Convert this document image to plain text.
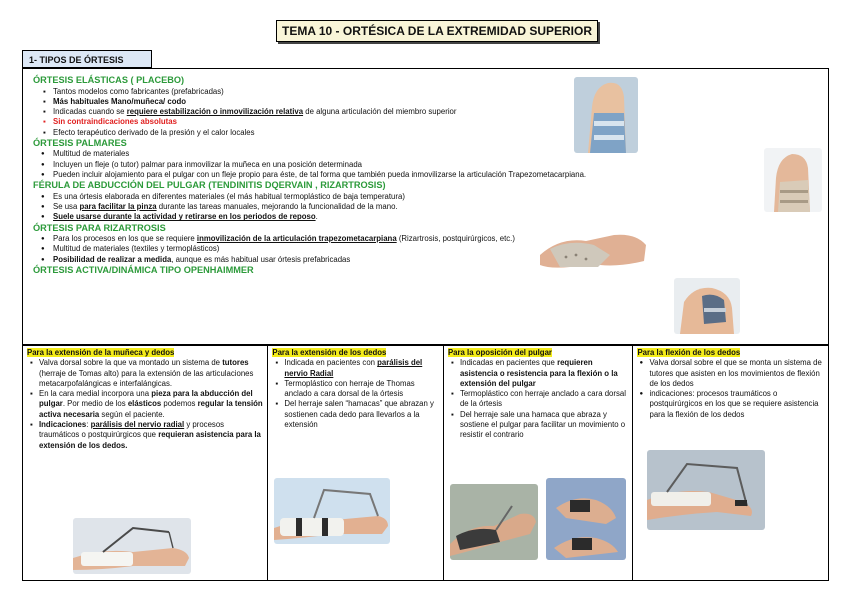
TEMA 10 - ORTÉSICA DE LA EXTREMIDAD SUPERIOR
1- TIPOS DE ÓRTESIS

ÓRTESIS ELÁSTICAS ( PLACEBO)

▪ Tantos modelos como fabricantes (prefabricadas)
▪ Más habituales Mano/muñeca/ codo
▪ Indicadas cuando se requiere estabilización o inmovilización relativa de alguna articulación del miembro superior
▪ Sin contraindicaciones absolutas
▪ Efecto terapéutico derivado de la presión y el calor locales

ÓRTESIS PALMARES

● Multitud de materiales
● Incluyen un fleje (o tutor) palmar para inmovilizar la muñeca en una posición determinada
● Pueden incluir alojamiento para el pulgar con un fleje propio para éste, de tal forma que también pueda inmovilizarse la articulación Trapezometacarpiana.

FÉRULA DE ABDUCCIÓN DEL PULGAR (TENDINITIS DQERVAIN , RIZARTROSIS)

● Es una órtesis elaborada en diferentes materiales (el más habitual termoplástico de baja temperatura)
● Se usa para facilitar la pinza durante las tareas manuales, mejorando la funcionalidad de la mano.
● Suele usarse durante la actividad y retirarse en los periodos de reposo.

ÓRTESIS PARA RIZARTROSIS

● Para los procesos en los que se requiere inmovilización de la articulación trapezometacarpiana (Rizartrosis, postquirúrgicos, etc.)
● Multitud de materiales (textiles y termoplásticos)
● Posibilidad de realizar a medida, aunque es más habitual usar órtesis prefabricadas

ÓRTESIS ACTIVA/DINÁMICA TIPO OPENHAIMMER

Para la extensión de la muñeca y dedos
▪ Valva dorsal sobre la que va montado un sistema de tutores (herraje de Tomas alto) para la extensión de las articulaciones metacarpofalángicas e interfalángicas.
▪ En la cara medial incorpora una pieza para la abducción del pulgar. Por medio de los elásticos podemos regular la tensión activa necesaria según el paciente.
▪ Indicaciones: parálisis del nervio radial y procesos traumáticos o postquirúrgicos que requieran asistencia para la extensión de los dedos.
Para la extensión de los dedos
▪ Indicada en pacientes con parálisis del nervio Radial
▪ Termoplástico con herraje de Thomas anclado a cara dorsal de la órtesis
▪ Del herraje salen “hamacas” que abrazan y sostienen cada dedo para llevarlos a la extensión
Para la oposición del pulgar
▪ Indicadas en pacientes que requieren asistencia o resistencia para la flexión o la extensión del pulgar
▪ Termoplástico con herraje anclado a cara dorsal de la órtesis
▪ Del herraje sale una hamaca que abraza y sostiene el pulgar para facilitar un movimiento o resistir el contrario
Para la flexión de los dedos
● Valva dorsal sobre el que se monta un sistema de tutores que asisten en los movimientos de flexión de los dedos
● indicaciones: procesos traumáticos o postquirúrgicos en los que se requiere asistencia para la flexión de los dedos
